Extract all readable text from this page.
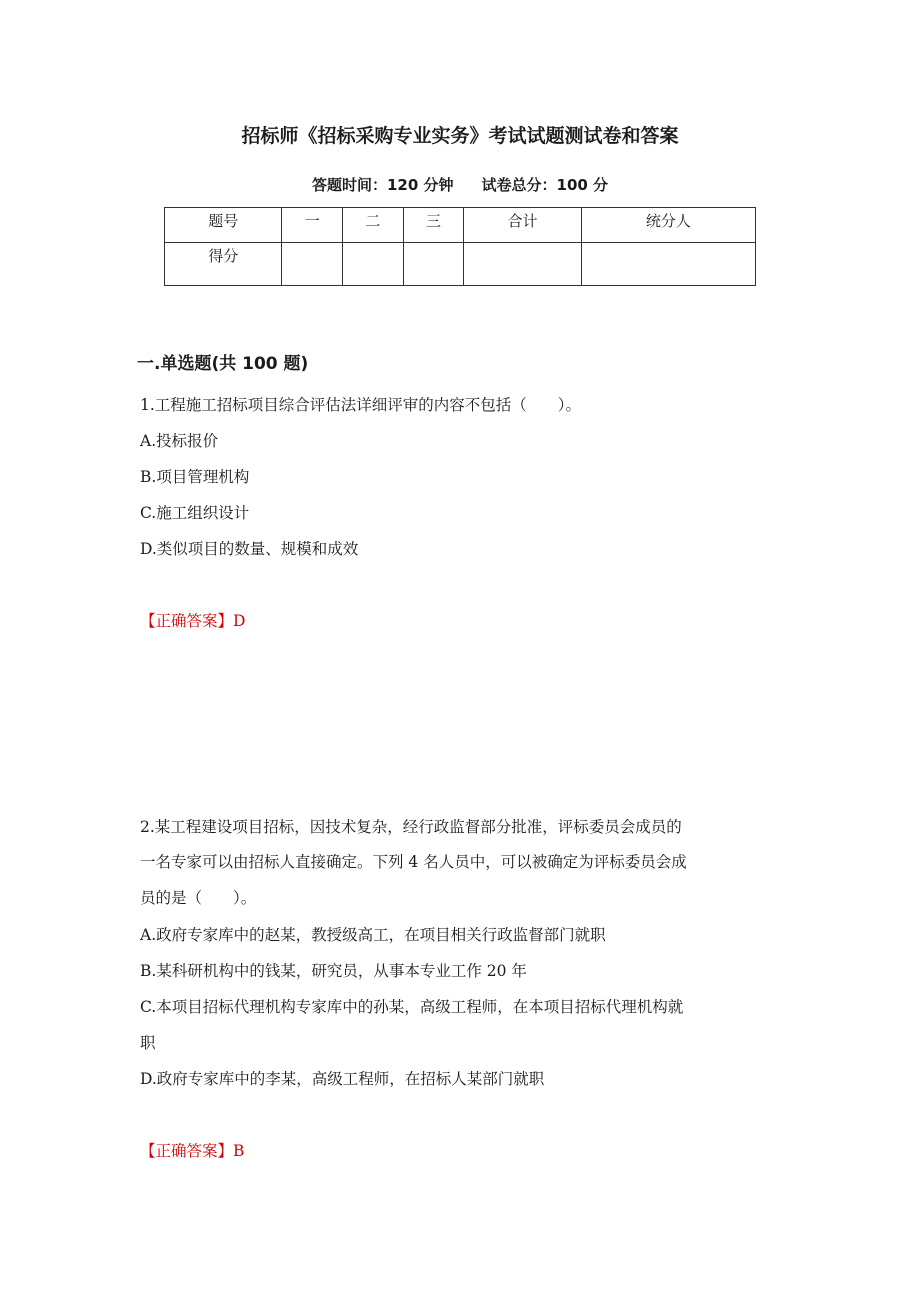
招标师《招标采购专业实务》考试试题测试卷和答案
答题时间：120 分钟 试卷总分：100 分
题号	一	二	三	合计	统分人
得分					
一.单选题(共 100 题)
1.工程施工招标项目综合评估法详细评审的内容不包括（　　）。
A.投标报价
B.项目管理机构
C.施工组织设计
D.类似项目的数量、规模和成效
【正确答案】D
2.某工程建设项目招标，因技术复杂，经行政监督部分批准，评标委员会成员的
一名专家可以由招标人直接确定。下列 4 名人员中，可以被确定为评标委员会成
员的是（　　）。
A.政府专家库中的赵某，教授级高工，在项目相关行政监督部门就职
B.某科研机构中的钱某，研究员，从事本专业工作 20 年
C.本项目招标代理机构专家库中的孙某，高级工程师，在本项目招标代理机构就
职
D.政府专家库中的李某，高级工程师，在招标人某部门就职
【正确答案】B
